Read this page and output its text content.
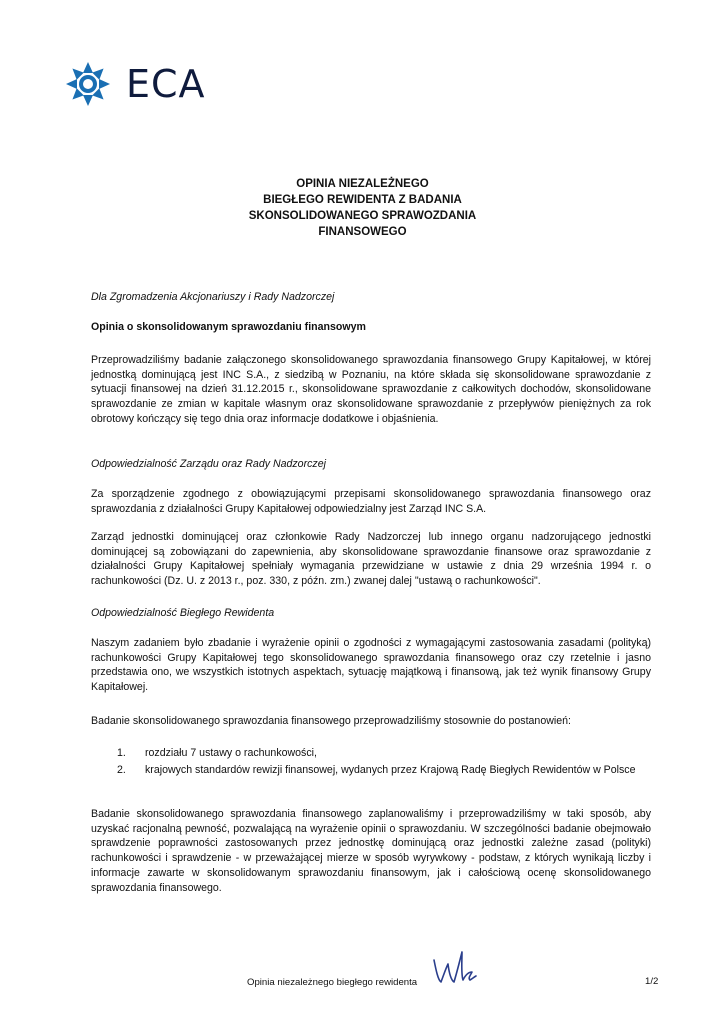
ECA
OPINIA NIEZALEŻNEGO
BIEGŁEGO REWIDENTA Z BADANIA
SKONSOLIDOWANEGO SPRAWOZDANIA
FINANSOWEGO
Dla Zgromadzenia Akcjonariuszy i Rady Nadzorczej
Opinia o skonsolidowanym sprawozdaniu finansowym
Przeprowadziliśmy badanie załączonego skonsolidowanego sprawozdania finansowego Grupy Kapitałowej, w której jednostką dominującą jest INC S.A., z siedzibą w Poznaniu, na które składa się skonsolidowane sprawozdanie z sytuacji finansowej na dzień 31.12.2015 r., skonsolidowane sprawozdanie z całkowitych dochodów, skonsolidowane sprawozdanie ze zmian w kapitale własnym oraz skonsolidowane sprawozdanie z przepływów pieniężnych za rok obrotowy kończący się tego dnia oraz informacje dodatkowe i objaśnienia.
Odpowiedzialność Zarządu oraz Rady Nadzorczej
Za sporządzenie zgodnego z obowiązującymi przepisami skonsolidowanego sprawozdania finansowego oraz sprawozdania z działalności Grupy Kapitałowej odpowiedzialny jest Zarząd INC S.A.
Zarząd jednostki dominującej oraz członkowie Rady Nadzorczej lub innego organu nadzorującego jednostki dominującej są zobowiązani do zapewnienia, aby skonsolidowane sprawozdanie finansowe oraz sprawozdanie z działalności Grupy Kapitałowej spełniały wymagania przewidziane w ustawie z dnia 29 września 1994 r. o rachunkowości (Dz. U. z 2013 r., poz. 330, z późn. zm.) zwanej dalej "ustawą o rachunkowości".
Odpowiedzialność Biegłego Rewidenta
Naszym zadaniem było zbadanie i wyrażenie opinii o zgodności z wymagającymi zastosowania zasadami (polityką) rachunkowości Grupy Kapitałowej tego skonsolidowanego sprawozdania finansowego oraz czy rzetelnie i jasno przedstawia ono, we wszystkich istotnych aspektach, sytuację majątkową i finansową, jak też wynik finansowy Grupy Kapitałowej.
Badanie skonsolidowanego sprawozdania finansowego przeprowadziliśmy stosownie do postanowień:
1.	rozdziału 7 ustawy o rachunkowości,
2.	krajowych standardów rewizji finansowej, wydanych przez Krajową Radę Biegłych Rewidentów w Polsce
Badanie skonsolidowanego sprawozdania finansowego zaplanowaliśmy i przeprowadziliśmy w taki sposób, aby uzyskać racjonalną pewność, pozwalającą na wyrażenie opinii o sprawozdaniu. W szczególności badanie obejmowało sprawdzenie poprawności zastosowanych przez jednostkę dominującą oraz jednostki zależne zasad (polityki) rachunkowości i sprawdzenie - w przeważającej mierze w sposób wyrywkowy - podstaw, z których wynikają liczby i informacje zawarte w skonsolidowanym sprawozdaniu finansowym, jak i całościową ocenę skonsolidowanego sprawozdania finansowego.
Opinia niezależnego biegłego rewidenta	1/2
